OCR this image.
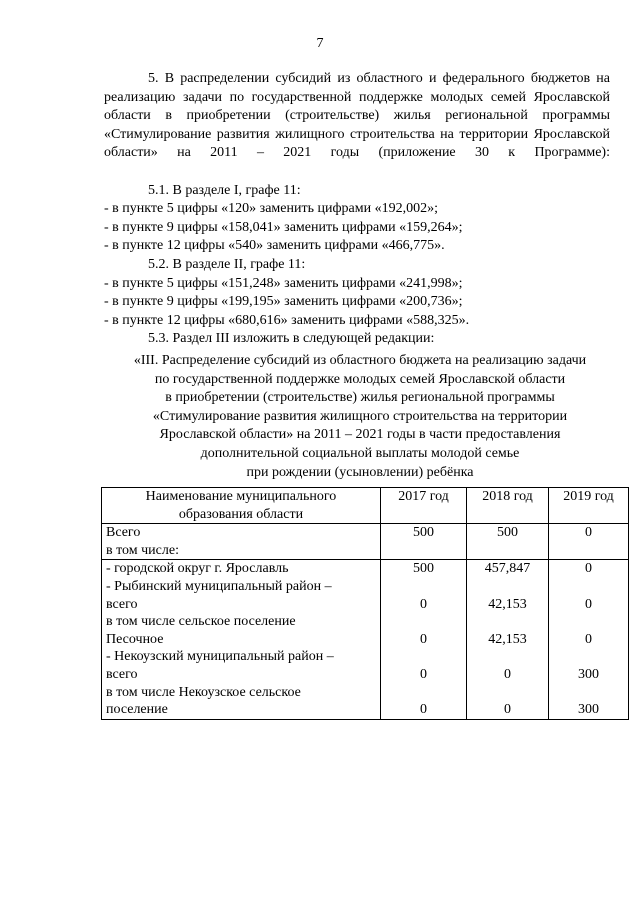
7

5. В распределении субсидий из областного и федерального бюджетов на реализацию задачи по государственной поддержке молодых семей Ярославской области в приобретении (строительстве) жилья региональной программы «Стимулирование развития жилищного строительства на территории Ярославской области» на 2011 – 2021 годы (приложение 30 к Программе):

5.1. В разделе I, графе 11:

- в пункте 5 цифры «120» заменить цифрами «192,002»;

- в пункте 9 цифры «158,041» заменить цифрами «159,264»;

- в пункте 12 цифры «540» заменить цифрами «466,775».

5.2. В разделе II, графе 11:

- в пункте 5 цифры «151,248» заменить цифрами «241,998»;

- в пункте 9 цифры «199,195» заменить цифрами «200,736»;

- в пункте 12 цифры «680,616» заменить цифрами «588,325».

5.3. Раздел III изложить в следующей редакции:

«III. Распределение субсидий из областного бюджета на реализацию задачи
по государственной поддержке молодых семей Ярославской области
в приобретении (строительстве) жилья региональной программы
«Стимулирование развития жилищного строительства на территории
Ярославской области» на 2011 – 2021 годы в части предоставления
дополнительной социальной выплаты молодой семье
при рождении (усыновлении) ребёнка
Наименование муниципального
образования области	2017 год	2018 год	2019 год

Всего
в том числе:	500	500	0

- городской округ г. Ярославль	500	457,847	0

- Рыбинский муниципальный район –
всего	0	42,153	0

в том числе сельское поселение
Песочное	0	42,153	0

- Некоузский муниципальный район –
всего	0	0	300

в том числе Некоузское сельское
поселение	0	0	300
